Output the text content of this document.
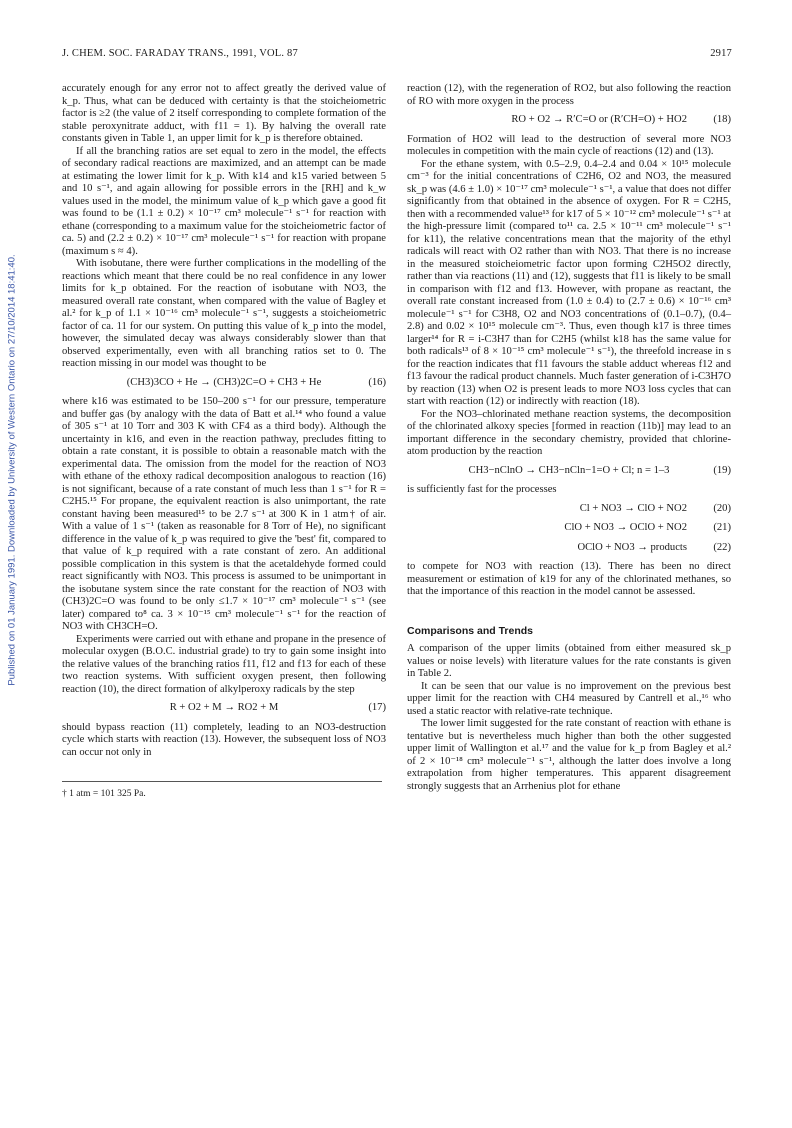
J. CHEM. SOC. FARADAY TRANS., 1991, VOL. 87	2917
Published on 01 January 1991. Downloaded by University of Western Ontario on 27/10/2014 18:41:40.

accurately enough for any error not to affect greatly the derived value of k_p. Thus, what can be deduced with certainty is that the stoicheiometric factor is ≥2 (the value of 2 itself corresponding to complete formation of the stable peroxynitrate adduct, with f11 = 1). By halving the overall rate constants given in Table 1, an upper limit for k_p is therefore obtained.

If all the branching ratios are set equal to zero in the model, the effects of secondary radical reactions are maximized, and an attempt can be made at estimating the lower limit for k_p. With k14 and k15 varied between 5 and 10 s⁻¹, and again allowing for possible errors in the [RH] and k_w values used in the model, the minimum value of k_p which gave a good fit was found to be (1.1 ± 0.2) × 10⁻¹⁷ cm³ molecule⁻¹ s⁻¹ for reaction with ethane (corresponding to a maximum value for the stoicheiometric factor of ca. 5) and (2.2 ± 0.2) × 10⁻¹⁷ cm³ molecule⁻¹ s⁻¹ for reaction with propane (maximum s ≈ 4).

With isobutane, there were further complications in the modelling of the reactions which meant that there could be no real confidence in any lower limits for k_p obtained. For the reaction of isobutane with NO3, the measured overall rate constant, when compared with the value of Bagley et al.² for k_p of 1.1 × 10⁻¹⁶ cm³ molecule⁻¹ s⁻¹, suggests a stoicheiometric factor of ca. 11 for our system. On putting this value of k_p into the model, however, the simulated decay was always considerably slower than that observed experimentally, even with all branching ratios set to 0. The reaction missing in our model was thought to be

(CH3)3CO + He → (CH3)2C=O + CH3 + He	(16)

where k16 was estimated to be 150–200 s⁻¹ for our pressure, temperature and buffer gas (by analogy with the data of Batt et al.¹⁴ who found a value of 305 s⁻¹ at 10 Torr and 303 K with CF4 as a third body). Although the uncertainty in k16, and even in the reaction pathway, precludes fitting to obtain a rate constant, it is possible to obtain a reasonable match with the experimental data. The omission from the model for the reaction of NO3 with ethane of the ethoxy radical decomposition analogous to reaction (16) is not significant, because of a rate constant of much less than 1 s⁻¹ for R = C2H5.¹⁵ For propane, the equivalent reaction is also unimportant, the rate constant having been measured¹⁵ to be 2.7 s⁻¹ at 300 K in 1 atm† of air. With a value of 1 s⁻¹ (taken as reasonable for 8 Torr of He), no significant difference in the value of k_p was required to give the 'best' fit, compared to that value of k_p required with a rate constant of zero. An additional possible complication in this system is that the acetaldehyde formed could react significantly with NO3. This process is assumed to be unimportant in the isobutane system since the rate constant for the reaction of NO3 with (CH3)2C=O was found to be only ≤1.7 × 10⁻¹⁷ cm³ molecule⁻¹ s⁻¹ (see later) compared to⁸ ca. 3 × 10⁻¹⁵ cm³ molecule⁻¹ s⁻¹ for the reaction of NO3 with CH3CH=O.

Experiments were carried out with ethane and propane in the presence of molecular oxygen (B.O.C. industrial grade) to try to gain some insight into the relative values of the branching ratios f11, f12 and f13 for each of these two reaction systems. With sufficient oxygen present, then following reaction (10), the direct formation of alkylperoxy radicals by the step

R + O2 + M → RO2 + M	(17)

should bypass reaction (11) completely, leading to an NO3-destruction cycle which starts with reaction (13). However, the subsequent loss of NO3 can occur not only in

† 1 atm = 101 325 Pa.

reaction (12), with the regeneration of RO2, but also following the reaction of RO with more oxygen in the process

RO + O2 → R′C=O or (R′CH=O) + HO2 (18)

Formation of HO2 will lead to the destruction of several more NO3 molecules in competition with the main cycle of reactions (12) and (13).

For the ethane system, with 0.5–2.9, 0.4–2.4 and 0.04 × 10¹⁵ molecule cm⁻³ for the initial concentrations of C2H6, O2 and NO3, the measured sk_p was (4.6 ± 1.0) × 10⁻¹⁷ cm³ molecule⁻¹ s⁻¹, a value that does not differ significantly from that obtained in the absence of oxygen. For R = C2H5, then with a recommended value¹³ for k17 of 5 × 10⁻¹² cm³ molecule⁻¹ s⁻¹ at the high-pressure limit (compared to¹¹ ca. 2.5 × 10⁻¹¹ cm³ molecule⁻¹ s⁻¹ for k11), the relative concentrations mean that the majority of the ethyl radicals will react with O2 rather than with NO3. That there is no increase in the measured stoicheiometric factor upon forming C2H5O2 directly, rather than via reactions (11) and (12), suggests that f11 is likely to be small in comparison with f12 and f13. However, with propane as reactant, the overall rate constant increased from (1.0 ± 0.4) to (2.7 ± 0.6) × 10⁻¹⁶ cm³ molecule⁻¹ s⁻¹ for C3H8, O2 and NO3 concentrations of (0.1–0.7), (0.4–2.8) and 0.02 × 10¹⁵ molecule cm⁻³. Thus, even though k17 is three times larger¹⁴ for R = i-C3H7 than for C2H5 (whilst k18 has the same value for both radicals¹³ of 8 × 10⁻¹⁵ cm³ molecule⁻¹ s⁻¹), the threefold increase in s for the reaction indicates that f11 favours the stable adduct whereas f12 and f13 favour the radical product channels. Much faster generation of i-C3H7O by reaction (13) when O2 is present leads to more NO3 loss cycles that can start with reaction (12) or indirectly with reaction (18).

For the NO3–chlorinated methane reaction systems, the decomposition of the chlorinated alkoxy species [formed in reaction (11b)] may lead to an important difference in the secondary chemistry, provided that chlorine-atom production by the reaction

CH3−nClnO → CH3−nCln−1=O + Cl; n = 1–3	(19)

is sufficiently fast for the processes

Cl + NO3 → ClO + NO2 (20)
ClO + NO3 → OClO + NO2 (21)
OClO + NO3 → products (22)

to compete for NO3 with reaction (13). There has been no direct measurement or estimation of k19 for any of the chlorinated methanes, so that the importance of this reaction in the model cannot be assessed.

Comparisons and Trends

A comparison of the upper limits (obtained from either measured sk_p values or noise levels) with literature values for the rate constants is given in Table 2.

It can be seen that our value is no improvement on the previous best upper limit for the reaction with CH4 measured by Cantrell et al.,¹⁶ who used a static reactor with relative-rate technique.

The lower limit suggested for the rate constant of reaction with ethane is tentative but is nevertheless much higher than both the other suggested upper limit of Wallington et al.¹⁷ and the value for k_p from Bagley et al.² of 2 × 10⁻¹⁸ cm³ molecule⁻¹ s⁻¹, although the latter does involve a long extrapolation from higher temperatures. This apparent disagreement strongly suggests that an Arrhenius plot for ethane
